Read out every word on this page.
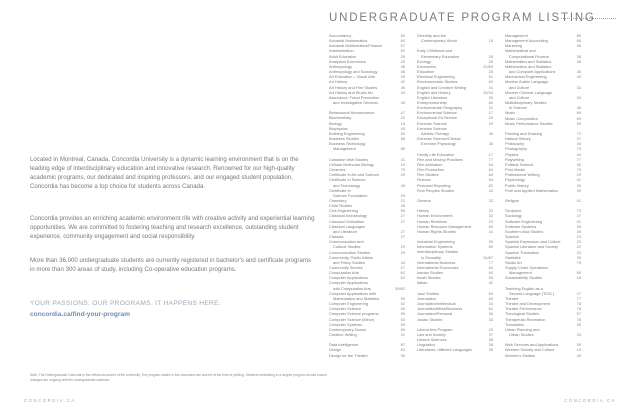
Located in Montreal, Canada, Concordia University is a dynamic learning environment that is on the leading edge of interdisciplinary education and innovative research. Renowned for our high-quality academic programs, our dedicated and inspiring professors, and our engaged student population, Concordia has become a top choice for students across Canada.

Concordia provides an enriching academic environment rife with creative activity and experiential learning opportunities. We are committed to fostering teaching and research excellence, outstanding student experience, community engagement and social responsibility.

More than 36,000 undergraduate students are currently registered in bachelor's and certificate programs in more than 300 areas of study, including Co-operative education programs.

YOUR PASSIONS. OUR PROGRAMS. IT HAPPENS HERE.
concordia.ca/find-your-program
Note: The Undergraduate Calendar is the official document of the university. The program stated in this document are current at the time of printing. Students embarking in a degree program should ensure changes are ongoing with the undergraduate calendar.
UNDERGRADUATE PROGRAM LISTING
Accountancy	82
Actuarial Mathematics	60
Actuarial Mathematics/Finance	57
Administration	82
Adult Education	25
Analytical Economics	25
Anthropology	46
Anthropology and Sociology	46
Art Education – Visual Arts	95
Art History	42
Art History and Film Studies	46
Art History and Studio Art	43
Assurance, Fraud Prevention
and Investigative Services	45
Behavioural Neuroscience	47
Biochemistry	22
Biology	15
Biophysics	45
Building Engineering	53
Business Studies	88
Business Technology
Management	86
Canadian Irish Studies	41
Cellular Molecular Biology	19
Ceramics	75
Certificate in Art and Science	29
Certificate in Science
and Technology	45
Certificate in
Science Foundation	29
Chemistry	21
Child Studies	26
Civil Engineering	55
Classical Archaeology	27
Classical Civilization	27
Classical Languages
and Literature	27
Classics	27
Communication and
Cultural Studies	29
Communication Studies	29
Community, Public Affairs
and Policy Studies	44
Community Service	27
Computation Arts	62
Computer Applications	62
Computer Applications
with Computation Arts	59/62
Computer Applications with
Mathematics and Statistics	59
Computer Engineering	52
Computer Science	56
Computer Science programs	59
Computer Science (Minor)	53
Computer Systems	59
Contemporary Dance	69
Creative Writing	31
Data Intelligence	87
Design	83
Design for the Theatre	96
Diversity and the
Contemporary World	18
Early Childhood and
Elementary Education	26
Ecology	28
Economics	20/83
Education	26
Electrical Engineering	51
Electroacoustic Studies	69
English and Creative Writing	31
English and History	30/33
English Literature	30
Entrepreneurship	84
Environmental Geography	31
Environmental Science	17
Exceptional Ed Service	29
Exercise Science	29
Exercise Science
Athletic Therapy	35
Exercise Science/Clinical
Exercise Physiology	35
Family Life Education	17
Film and Moving Practices	77
Film Animation	64
Film Production	64
Film Studies	64
Finance	84
Financial Reporting	82
First Peoples Studies	43
Geneva	32
History	33
Human Environment	32
Human Relations	23
Human Resource Management	89
Human Rights Studies	41
Industrial Engineering	50
Information Systems	89
Interdisciplinary Studies
in Sexuality	34/67
International Business	77
International Economics	84
Iranian Studies	90
Israel Studies	93
Italian	32
Jazz Studies	69
Journalism	83
Journalism/Intellectual	33
Journalism/Mind/Business	61
Journalism/Personal	36
Judaic Studies	33
Liberal Arts Program	29
Law and Society	37
Leisure Sciences	38
Linguistics	38
Literatures, different Languages	39
Management	86
Management Accounting	86
Marketing	96
Mathematical and
Computational Finance	38
Mathematics and Statistics	38
Mathematics and Statistics
and Computer Applications	38
Mechanical Engineering	49
Modern Arabic Language
and Culture	33
Modern Chinese Language
and Culture	33
Multidisciplinary Studies
in Science	46
Music	69
Music Composition	69
Music Performance Studies	69
Painting and Drawing	72
Natural History	47
Philosophy	40
Photography	75
Physics	40
Playwriting	77
Political Science	40
Print Media	73
Professional Writing	29
Psychology	41
Public History	33
Pure and Applied Mathematics	39
Religion	41
Sculpture	73
Sociology	47
Software Engineering	51
Software Systems	59
Southern Asia Studies	39
Spanish	23
Spanish Expression and Culture	23
Spanish Literature and Society	22
Spanish Translation	23
Statistics	39
Studio Art	75
Supply Chain Operations
Management	80
Sustainability Studies	18
Teaching English as a
Second Language (TESL)	27
Theatre	77
Theatre and Development	78
Theatre Performance	78
Theological Studies	97
Therapeutic Recreation	78
Translation	35
Urban Planning and
Urban Studies	33
Web Services and Applications	59
Western Society and Culture	15
Women's Studies	45
CONCORDIA.CA	CONCORDIA.CA
